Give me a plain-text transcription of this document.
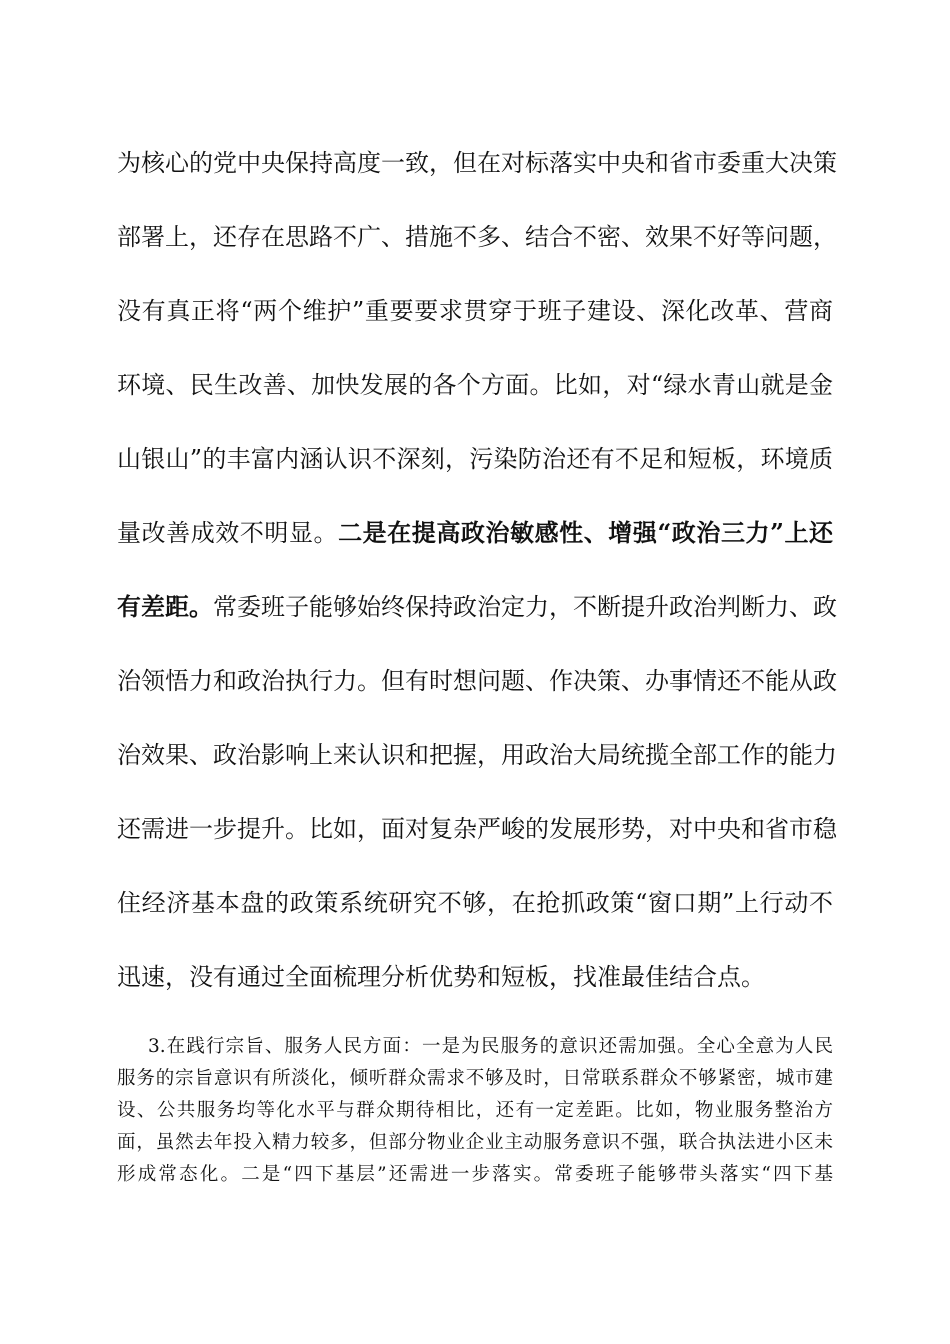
为核心的党中央保持高度一致，但在对标落实中央和省市委重大决策

部署上，还存在思路不广、措施不多、结合不密、效果不好等问题，

没有真正将“两个维护”重要要求贯穿于班子建设、深化改革、营商

环境、民生改善、加快发展的各个方面。比如，对“绿水青山就是金

山银山”的丰富内涵认识不深刻，污染防治还有不足和短板，环境质

量改善成效不明显。二是在提高政治敏感性、增强“政治三力”上还

有差距。常委班子能够始终保持政治定力，不断提升政治判断力、政

治领悟力和政治执行力。但有时想问题、作决策、办事情还不能从政

治效果、政治影响上来认识和把握，用政治大局统揽全部工作的能力

还需进一步提升。比如，面对复杂严峻的发展形势，对中央和省市稳

住经济基本盘的政策系统研究不够，在抢抓政策“窗口期”上行动不

迅速，没有通过全面梳理分析优势和短板，找准最佳结合点。

3.在践行宗旨、服务人民方面：一是为民服务的意识还需加强。全心全意为人民

服务的宗旨意识有所淡化，倾听群众需求不够及时，日常联系群众不够紧密，城市建

设、公共服务均等化水平与群众期待相比，还有一定差距。比如，物业服务整治方

面，虽然去年投入精力较多，但部分物业企业主动服务意识不强，联合执法进小区未

形成常态化。二是“四下基层”还需进一步落实。常委班子能够带头落实“四下基
